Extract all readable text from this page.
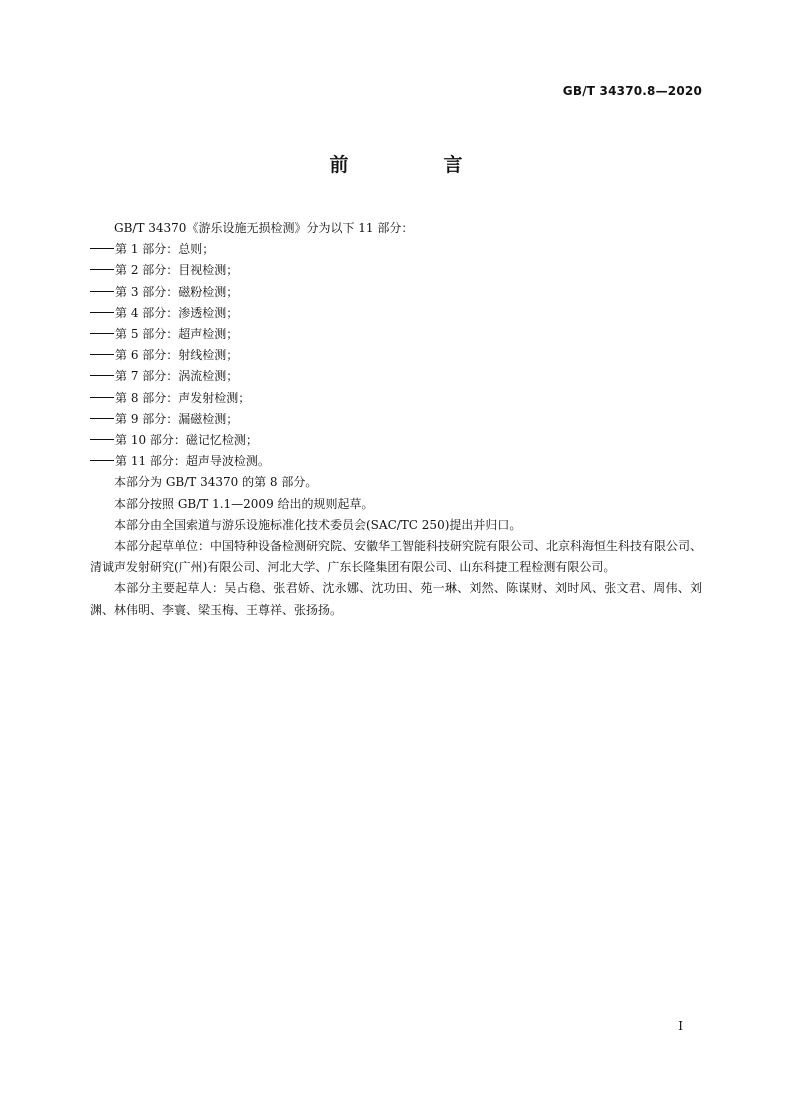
GB/T 34370.8—2020
前　言

GB/T 34370《游乐设施无损检测》分为以下 11 部分：

第 1 部分：总则；

第 2 部分：目视检测；

第 3 部分：磁粉检测；

第 4 部分：渗透检测；

第 5 部分：超声检测；

第 6 部分：射线检测；

第 7 部分：涡流检测；

第 8 部分：声发射检测；

第 9 部分：漏磁检测；

第 10 部分：磁记忆检测；

第 11 部分：超声导波检测。

本部分为 GB/T 34370 的第 8 部分。

本部分按照 GB/T 1.1—2009 给出的规则起草。

本部分由全国索道与游乐设施标准化技术委员会(SAC/TC 250)提出并归口。

本部分起草单位：中国特种设备检测研究院、安徽华工智能科技研究院有限公司、北京科海恒生科技有限公司、清诚声发射研究(广州)有限公司、河北大学、广东长隆集团有限公司、山东科捷工程检测有限公司。

本部分主要起草人：吴占稳、张君娇、沈永娜、沈功田、苑一琳、刘然、陈谋财、刘时风、张文君、周伟、刘渊、林伟明、李寰、梁玉梅、王尊祥、张扬扬。

I
